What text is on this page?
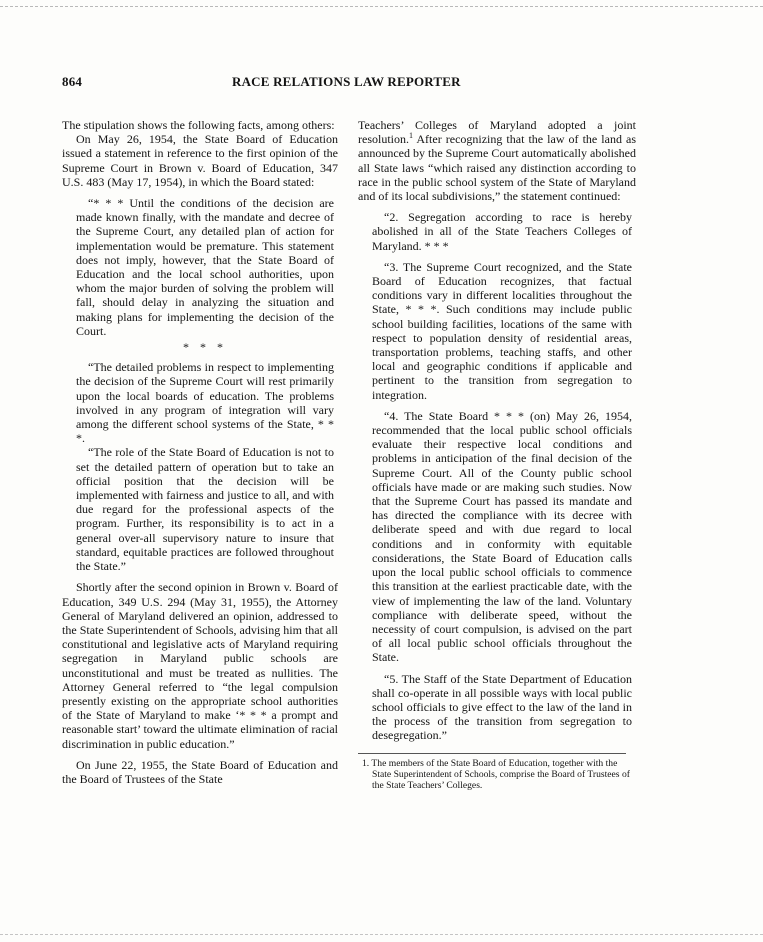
864	RACE RELATIONS LAW REPORTER

The stipulation shows the following facts, among others:

On May 26, 1954, the State Board of Education issued a statement in reference to the first opinion of the Supreme Court in Brown v. Board of Education, 347 U.S. 483 (May 17, 1954), in which the Board stated:

“* * * Until the conditions of the decision are made known finally, with the mandate and decree of the Supreme Court, any detailed plan of action for implementation would be premature. This statement does not imply, however, that the State Board of Education and the local school authorities, upon whom the major burden of solving the problem will fall, should delay in analyzing the situation and making plans for implementing the decision of the Court.

* * *

“The detailed problems in respect to implementing the decision of the Supreme Court will rest primarily upon the local boards of education. The problems involved in any program of integration will vary among the different school systems of the State, * * *.

“The role of the State Board of Education is not to set the detailed pattern of operation but to take an official position that the decision will be implemented with fairness and justice to all, and with due regard for the professional aspects of the program. Further, its responsibility is to act in a general over-all supervisory nature to insure that standard, equitable practices are followed throughout the State.”

Shortly after the second opinion in Brown v. Board of Education, 349 U.S. 294 (May 31, 1955), the Attorney General of Maryland delivered an opinion, addressed to the State Superintendent of Schools, advising him that all constitutional and legislative acts of Maryland requiring segregation in Maryland public schools are unconstitutional and must be treated as nullities. The Attorney General referred to “the legal compulsion presently existing on the appropriate school authorities of the State of Maryland to make ‘* * * a prompt and reasonable start’ toward the ultimate elimination of racial discrimination in public education.”

On June 22, 1955, the State Board of Education and the Board of Trustees of the State

Teachers’ Colleges of Maryland adopted a joint resolution.$^1$ After recognizing that the law of the land as announced by the Supreme Court automatically abolished all State laws “which raised any distinction according to race in the public school system of the State of Maryland and of its local subdivisions,” the statement continued:

“2. Segregation according to race is hereby abolished in all of the State Teachers Colleges of Maryland. * * *

“3. The Supreme Court recognized, and the State Board of Education recognizes, that factual conditions vary in different localities throughout the State, * * *. Such conditions may include public school building facilities, locations of the same with respect to population density of residential areas, transportation problems, teaching staffs, and other local and geographic conditions if applicable and pertinent to the transition from segregation to integration.

“4. The State Board * * * (on) May 26, 1954, recommended that the local public school officials evaluate their respective local conditions and problems in anticipation of the final decision of the Supreme Court. All of the County public school officials have made or are making such studies. Now that the Supreme Court has passed its mandate and has directed the compliance with its decree with deliberate speed and with due regard to local conditions and in conformity with equitable considerations, the State Board of Education calls upon the local public school officials to commence this transition at the earliest practicable date, with the view of implementing the law of the land. Voluntary compliance with deliberate speed, without the necessity of court compulsion, is advised on the part of all local public school officials throughout the State.

“5. The Staff of the State Department of Education shall co-operate in all possible ways with local public school officials to give effect to the law of the land in the process of the transition from segregation to desegregation.”

1. The members of the State Board of Education, together with the State Superintendent of Schools, comprise the Board of Trustees of the State Teachers’ Colleges.
